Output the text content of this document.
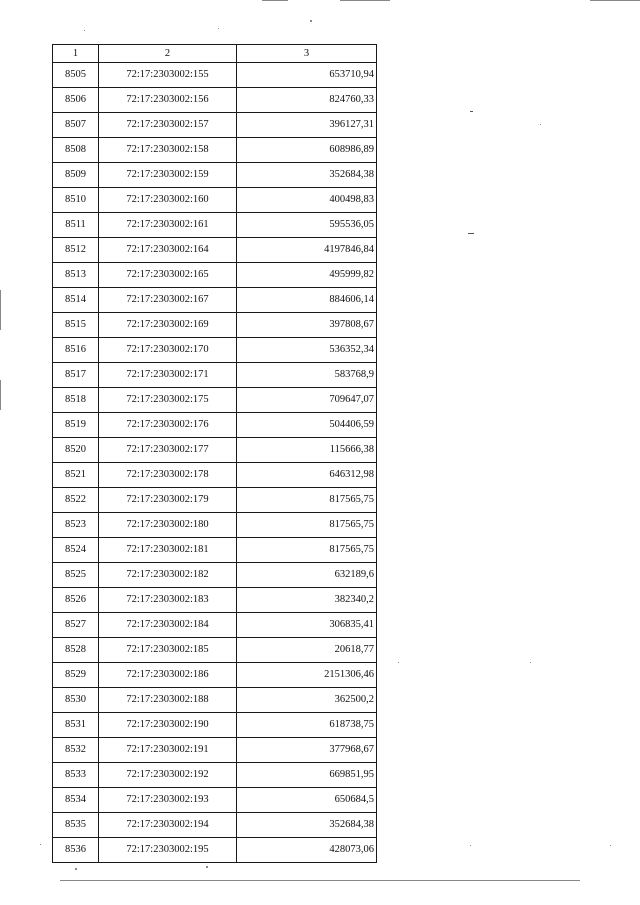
1	2	3
8505	72:17:2303002:155	653710,94
8506	72:17:2303002:156	824760,33
8507	72:17:2303002:157	396127,31
8508	72:17:2303002:158	608986,89
8509	72:17:2303002:159	352684,38
8510	72:17:2303002:160	400498,83
8511	72:17:2303002:161	595536,05
8512	72:17:2303002:164	4197846,84
8513	72:17:2303002:165	495999,82
8514	72:17:2303002:167	884606,14
8515	72:17:2303002:169	397808,67
8516	72:17:2303002:170	536352,34
8517	72:17:2303002:171	583768,9
8518	72:17:2303002:175	709647,07
8519	72:17:2303002:176	504406,59
8520	72:17:2303002:177	115666,38
8521	72:17:2303002:178	646312,98
8522	72:17:2303002:179	817565,75
8523	72:17:2303002:180	817565,75
8524	72:17:2303002:181	817565,75
8525	72:17:2303002:182	632189,6
8526	72:17:2303002:183	382340,2
8527	72:17:2303002:184	306835,41
8528	72:17:2303002:185	20618,77
8529	72:17:2303002:186	2151306,46
8530	72:17:2303002:188	362500,2
8531	72:17:2303002:190	618738,75
8532	72:17:2303002:191	377968,67
8533	72:17:2303002:192	669851,95
8534	72:17:2303002:193	650684,5
8535	72:17:2303002:194	352684,38
8536	72:17:2303002:195	428073,06
